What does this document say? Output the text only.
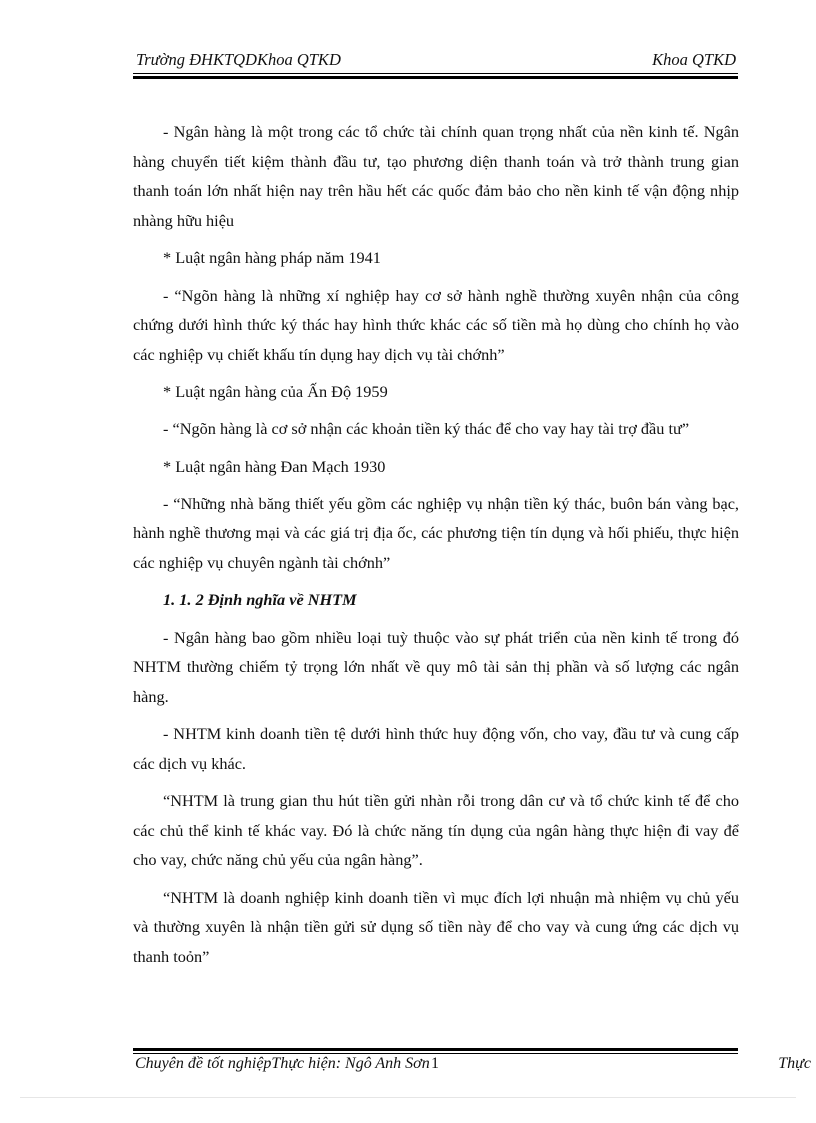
Trường ĐHKTQDKhoa QTKD	Khoa QTKD

- Ngân hàng là một trong các tổ chức tài chính quan trọng nhất của nền kinh tế. Ngân hàng chuyển tiết kiệm thành đầu tư, tạo phương diện thanh toán và trở thành trung gian thanh toán lớn nhất hiện nay trên hầu hết các quốc đảm bảo cho nền kinh tế vận động nhịp nhàng hữu hiệu

* Luật ngân hàng pháp năm 1941

- “Ngõn hàng là những xí nghiệp hay cơ sở hành nghề thường xuyên nhận của công chứng dưới hình thức ký thác hay hình thức khác các số tiền mà họ dùng cho chính họ vào các nghiệp vụ chiết khấu tín dụng hay dịch vụ tài chớnh”

* Luật ngân hàng của Ấn Độ 1959

- “Ngõn hàng là cơ sở nhận các khoản tiền ký thác để cho vay hay tài trợ đầu tư”

* Luật ngân hàng Đan Mạch 1930

- “Những nhà băng thiết yếu gồm các nghiệp vụ nhận tiền ký thác, buôn bán vàng bạc, hành nghề thương mại và các giá trị địa ốc, các phương tiện tín dụng và hối phiếu, thực hiện các nghiệp vụ chuyên ngành tài chớnh”

1. 1. 2 Định nghĩa về NHTM

- Ngân hàng bao gồm nhiều loại tuỳ thuộc vào sự phát triển của nền kinh tế trong đó NHTM thường chiếm tỷ trọng lớn nhất về quy mô tài sản thị phần và số lượng các ngân hàng.

- NHTM kinh doanh tiền tệ dưới hình thức huy động vốn, cho vay, đầu tư và cung cấp các dịch vụ khác.

“NHTM là trung gian thu hút tiền gửi nhàn rỗi trong dân cư và tổ chức kinh tế để cho các chủ thể kinh tế khác vay. Đó là chức năng tín dụng của ngân hàng thực hiện đi vay để cho vay, chức năng chủ yếu của ngân hàng”.

“NHTM là doanh nghiệp kinh doanh tiền vì mục đích lợi nhuận mà nhiệm vụ chủ yếu và thường xuyên là nhận tiền gửi sử dụng số tiền này để cho vay và cung ứng các dịch vụ thanh toỏn”

Chuyên đề tốt nghiệpThực hiện: Ngô Anh Sơn 1	Thực
